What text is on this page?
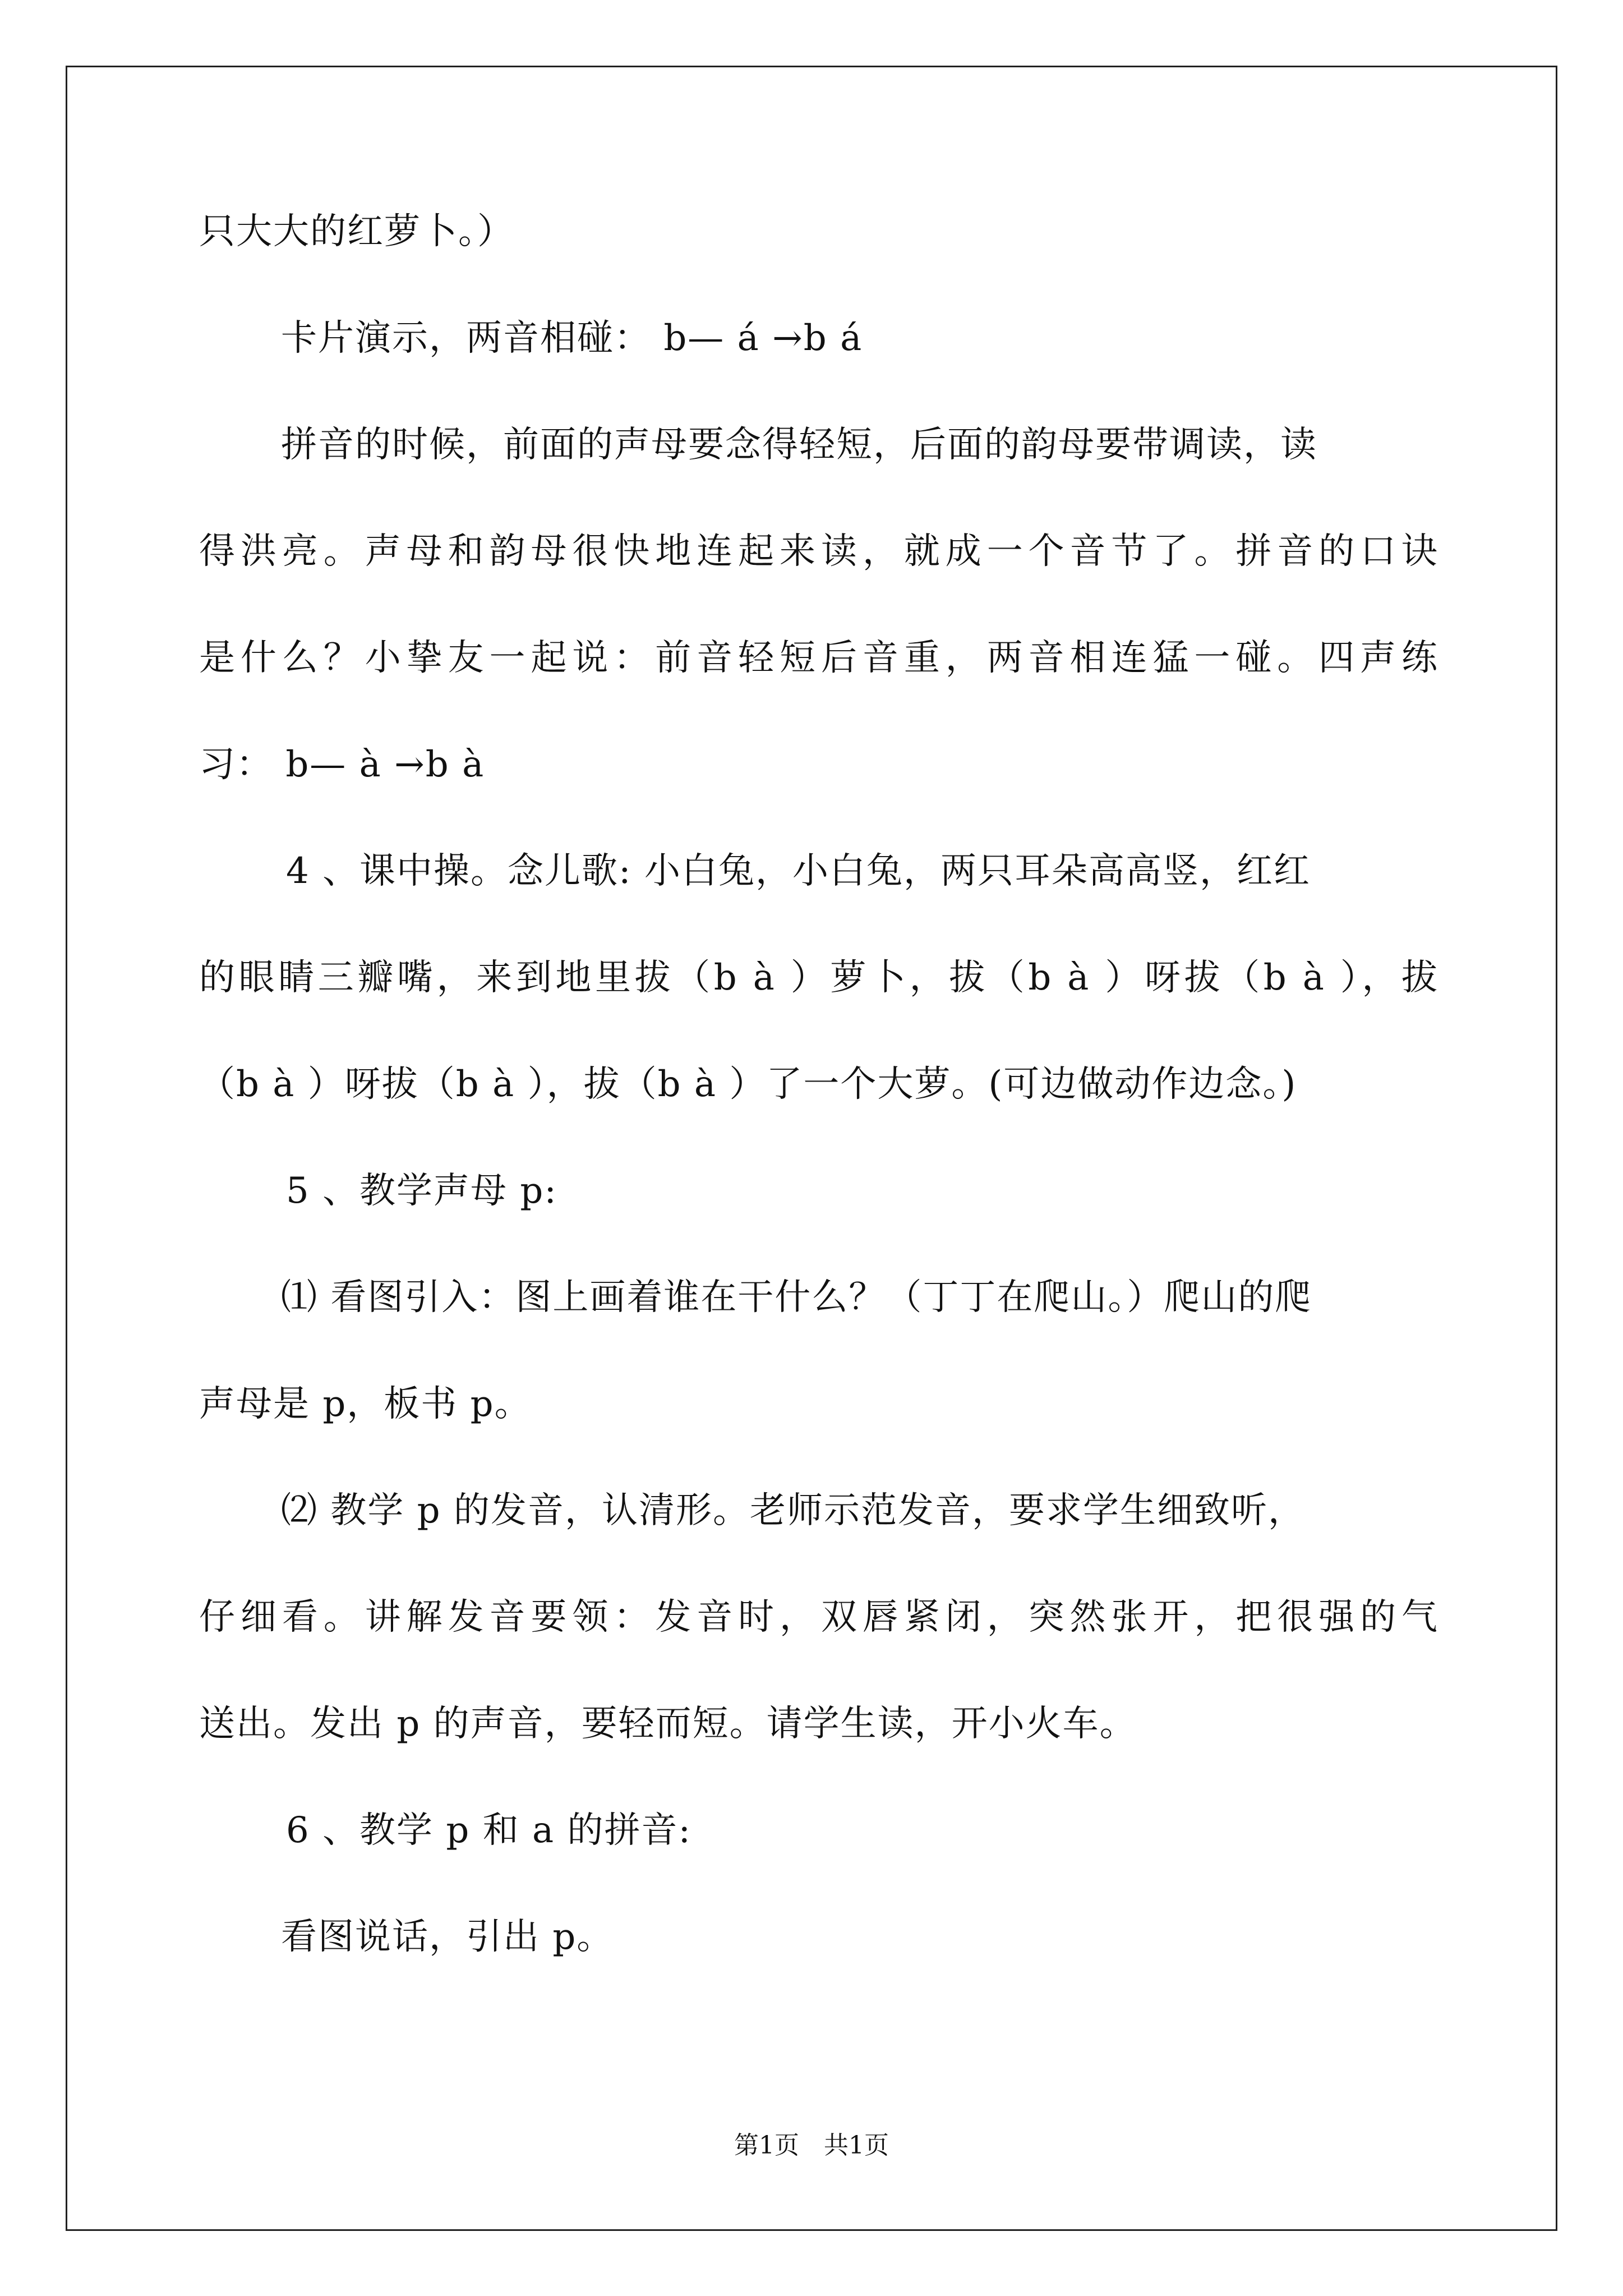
只大大的红萝卜。）
卡片演示，两音相碰： b— á →b á
拼音的时候，前面的声母要念得轻短，后面的韵母要带调读，读
得洪亮。声母和韵母很快地连起来读，就成一个音节了。拼音的口诀
是什么？小挚友一起说：前音轻短后音重，两音相连猛一碰。四声练
习： b— à →b à
4 、课中操。念儿歌: 小白兔，小白兔，两只耳朵高高竖，红红
的眼睛三瓣嘴，来到地里拔（b à ）萝卜，拔（b à ）呀拔（b à ），拔
（b à ）呀拔（b à ），拔（b à ）了一个大萝。(可边做动作边念。)
5 、教学声母 p:
⑴ 看图引入：图上画着谁在干什么？（丁丁在爬山。）爬山的爬
声母是 p，板书 p。
⑵ 教学 p 的发音，认清形。老师示范发音，要求学生细致听，
仔细看。讲解发音要领：发音时，双唇紧闭，突然张开，把很强的气
送出。发出 p 的声音，要轻而短。请学生读，开小火车。
6 、教学 p 和 a 的拼音:
看图说话，引出 p。
第1页　共1页
